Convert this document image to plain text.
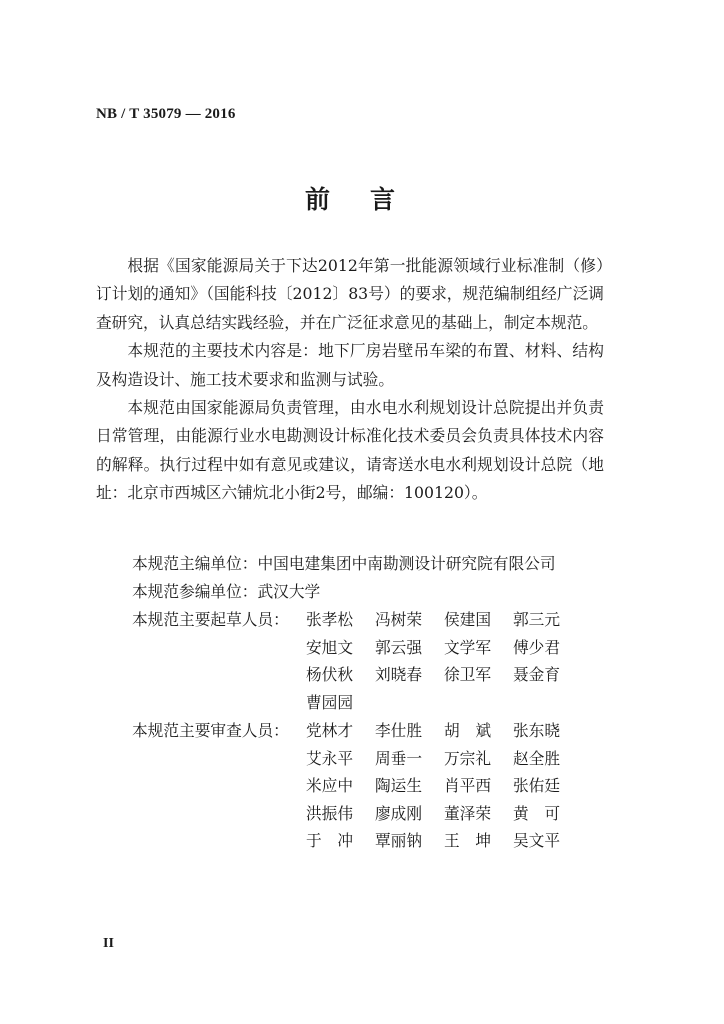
NB / T 35079 — 2016
前言

根据《国家能源局关于下达2012年第一批能源领域行业标准制（修）订计划的通知》（国能科技〔2012〕83号）的要求，规范编制组经广泛调查研究，认真总结实践经验，并在广泛征求意见的基础上，制定本规范。

本规范的主要技术内容是：地下厂房岩壁吊车梁的布置、材料、结构及构造设计、施工技术要求和监测与试验。

本规范由国家能源局负责管理，由水电水利规划设计总院提出并负责日常管理，由能源行业水电勘测设计标准化技术委员会负责具体技术内容的解释。执行过程中如有意见或建议，请寄送水电水利规划设计总院（地址：北京市西城区六铺炕北小街2号，邮编：100120）。

本规范主编单位：中国电建集团中南勘测设计研究院有限公司
本规范参编单位：武汉大学
本规范主要起草人员： 张孝松	冯树荣	侯建国	郭三元
安旭文	郭云强	文学军	傅少君
杨伏秋	刘晓春	徐卫军	聂金育
曹园园
本规范主要审查人员： 党林才	李仕胜	胡　斌	张东晓
艾永平	周垂一	万宗礼	赵全胜
米应中	陶运生	肖平西	张佑廷
洪振伟	廖成刚	董泽荣	黄　可
于　冲	覃丽钠	王　坤	吴文平
II
